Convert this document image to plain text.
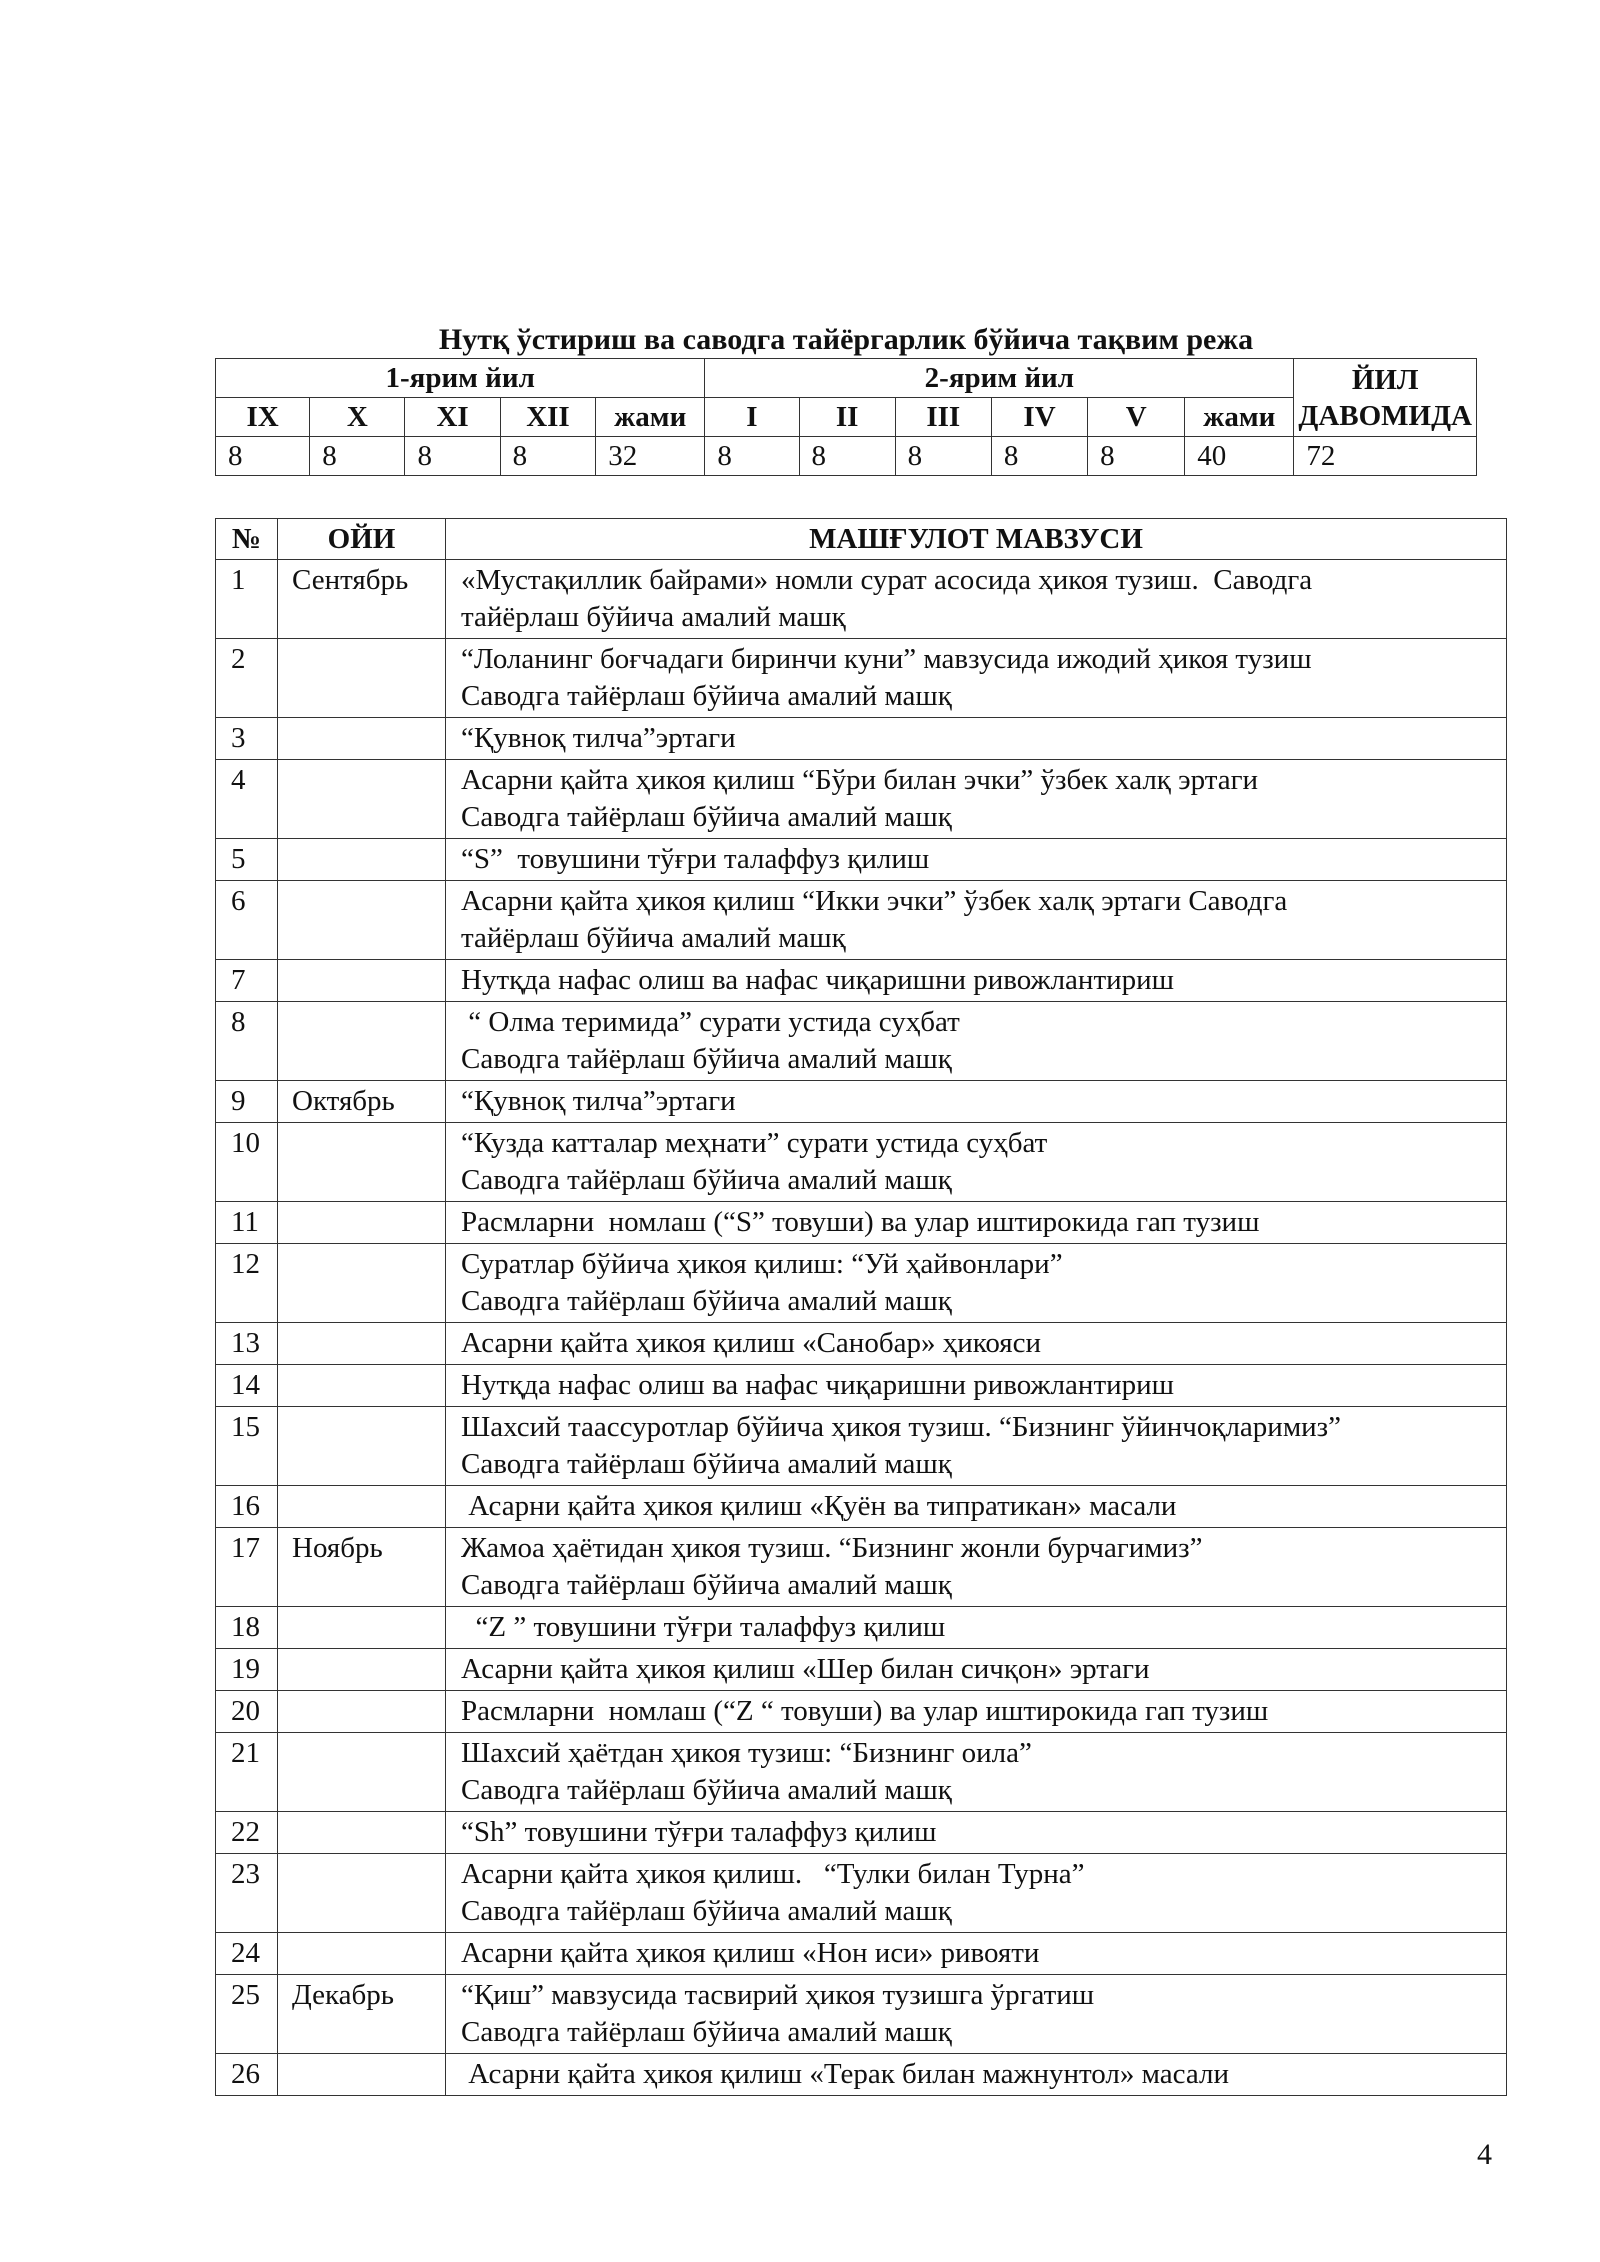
Нутқ ўстириш ва саводга тайёргарлик бўйича тақвим режа
1-ярим йил					2-ярим йил						ЙИЛ
ДАВОМИДА
IX	X	XI	XII	жами	I	II	III	IV	V	жами	
8	8	8	8	32	8	8	8	8	8	40	72
№	ОЙИ	МАШҒУЛОТ МАВЗУСИ
1	Сентябрь	«Мустақиллик байрами» номли сурат асосида ҳикоя тузиш.  Саводга
тайёрлаш бўйича амалий машқ

2		“Лоланинг боғчадаги биринчи куни” мавзусида ижодий ҳикоя тузиш
Саводга тайёрлаш бўйича амалий машқ

3		“Қувноқ тилча”эртаги

4		Асарни қайта ҳикоя қилиш “Бўри билан эчки” ўзбек халқ эртаги
Саводга тайёрлаш бўйича амалий машқ

5		“S”  товушини тўғри талаффуз қилиш

6		Асарни қайта ҳикоя қилиш “Икки эчки” ўзбек халқ эртаги Саводга
тайёрлаш бўйича амалий машқ

7		Нутқда нафас олиш ва нафас чиқаришни ривожлантириш

8		“ Олма теримида” сурати устида суҳбат
Саводга тайёрлаш бўйича амалий машқ

9	Октябрь	“Қувноқ тилча”эртаги

10		“Кузда катталар меҳнати” сурати устида суҳбат
Саводга тайёрлаш бўйича амалий машқ

11		Расмларни  номлаш (“S” товуши) ва улар иштирокида гап тузиш

12		Суратлар бўйича ҳикоя қилиш: “Уй ҳайвонлари”
Саводга тайёрлаш бўйича амалий машқ

13		Асарни қайта ҳикоя қилиш «Санобар» ҳикояси

14		Нутқда нафас олиш ва нафас чиқаришни ривожлантириш

15		Шахсий таассуротлар бўйича ҳикоя тузиш. “Бизнинг ўйинчоқларимиз”
Саводга тайёрлаш бўйича амалий машқ

16		Асарни қайта ҳикоя қилиш «Қуён ва типратикан» масали

17	Ноябрь	Жамоа ҳаётидан ҳикоя тузиш. “Бизнинг жонли бурчагимиз”
Саводга тайёрлаш бўйича амалий машқ

18		“Z ” товушини тўғри талаффуз қилиш

19		Асарни қайта ҳикоя қилиш «Шер билан сичқон» эртаги

20		Расмларни  номлаш (“Z “ товуши) ва улар иштирокида гап тузиш

21		Шахсий ҳаётдан ҳикоя тузиш: “Бизнинг оила”
Саводга тайёрлаш бўйича амалий машқ

22		“Sh” товушини тўғри талаффуз қилиш

23		Асарни қайта ҳикоя қилиш.   “Тулки билан Турна”
Саводга тайёрлаш бўйича амалий машқ

24		Асарни қайта ҳикоя қилиш «Нон иси» ривояти

25	Декабрь	“Қиш” мавзусида тасвирий ҳикоя тузишга ўргатиш
Саводга тайёрлаш бўйича амалий машқ

26		Асарни қайта ҳикоя қилиш «Терак билан мажнунтол» масали
4
